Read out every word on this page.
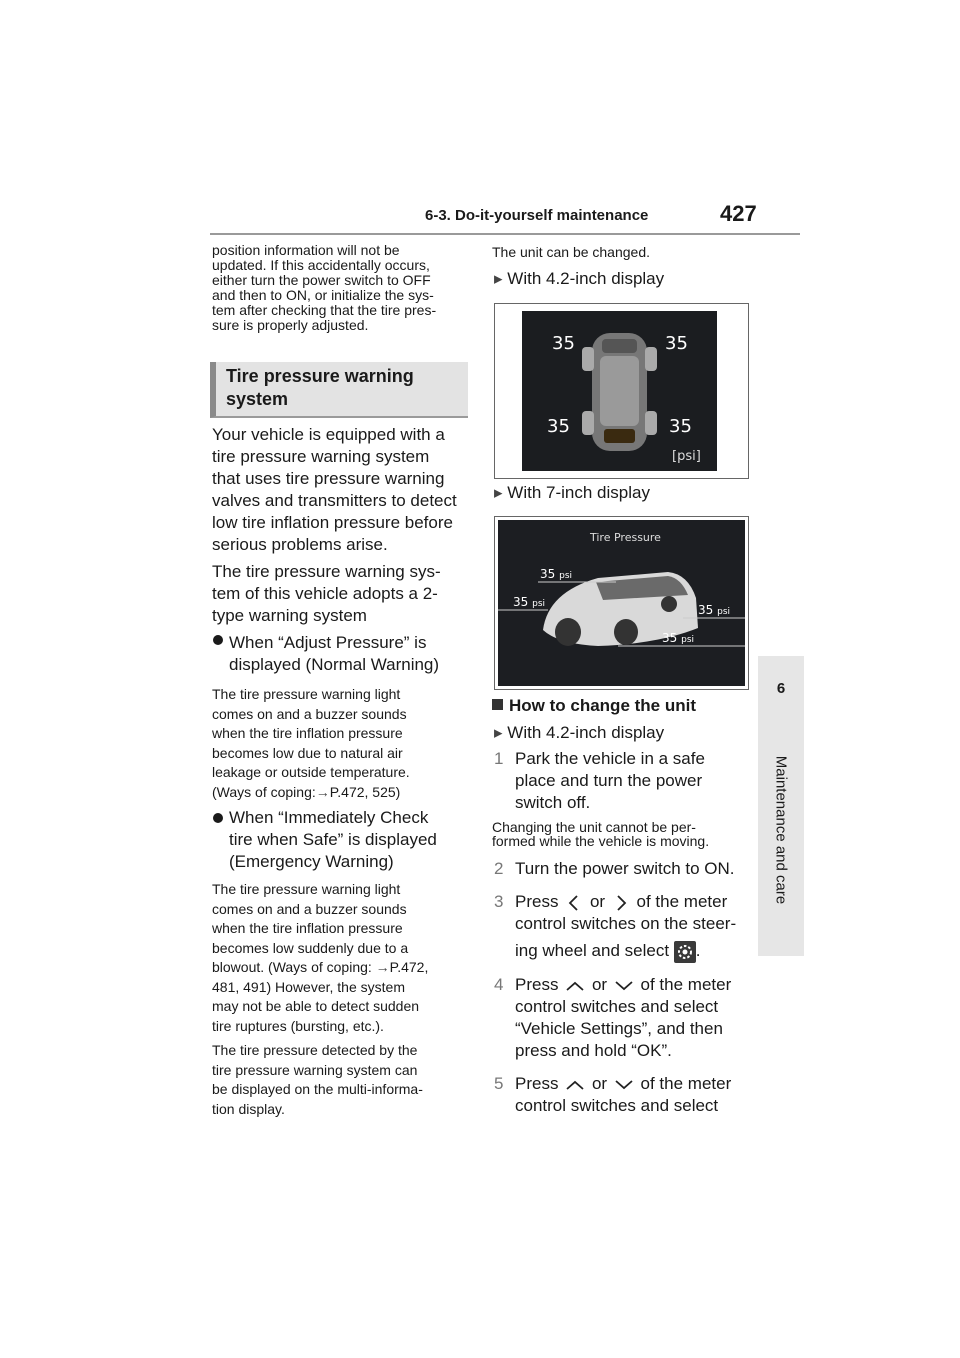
6-3. Do-it-yourself maintenance	427
6
Maintenance and care
position information will not be
updated. If this accidentally occurs,
either turn the power switch to OFF
and then to ON, or initialize the sys-
tem after checking that the tire pres-
sure is properly adjusted.
Tire pressure warning
system
Your vehicle is equipped with a
tire pressure warning system
that uses tire pressure warning
valves and transmitters to detect
low tire inflation pressure before
serious problems arise.
The tire pressure warning sys-
tem of this vehicle adopts a 2-
type warning system
When “Adjust Pressure” is
displayed (Normal Warning)
The tire pressure warning light
comes on and a buzzer sounds
when the tire inflation pressure
becomes low due to natural air
leakage or outside temperature.
(Ways of coping:→P.472, 525)
When “Immediately Check
tire when Safe” is displayed
(Emergency Warning)
The tire pressure warning light
comes on and a buzzer sounds
when the tire inflation pressure
becomes low suddenly due to a
blowout. (Ways of coping: →P.472,
481, 491) However, the system
may not be able to detect sudden
tire ruptures (bursting, etc.).
The tire pressure detected by the
tire pressure warning system can
be displayed on the multi-informa-
tion display.
The unit can be changed.
▸ With 4.2-inch display
35	35
35	35
[psi]
▸ With 7-inch display
Tire Pressure
35 psi
35 psi	35 psi
35 psi
How to change the unit
▸ With 4.2-inch display
1 Park the vehicle in a safe
place and turn the power
switch off.
Changing the unit cannot be per-
formed while the vehicle is moving.
2 Turn the power switch to ON.
3 Press or of the meter
control switches on the steer-
ing wheel and select .
4 Press or of the meter
control switches and select
“Vehicle Settings”, and then
press and hold “OK”.
5 Press or of the meter
control switches and select
